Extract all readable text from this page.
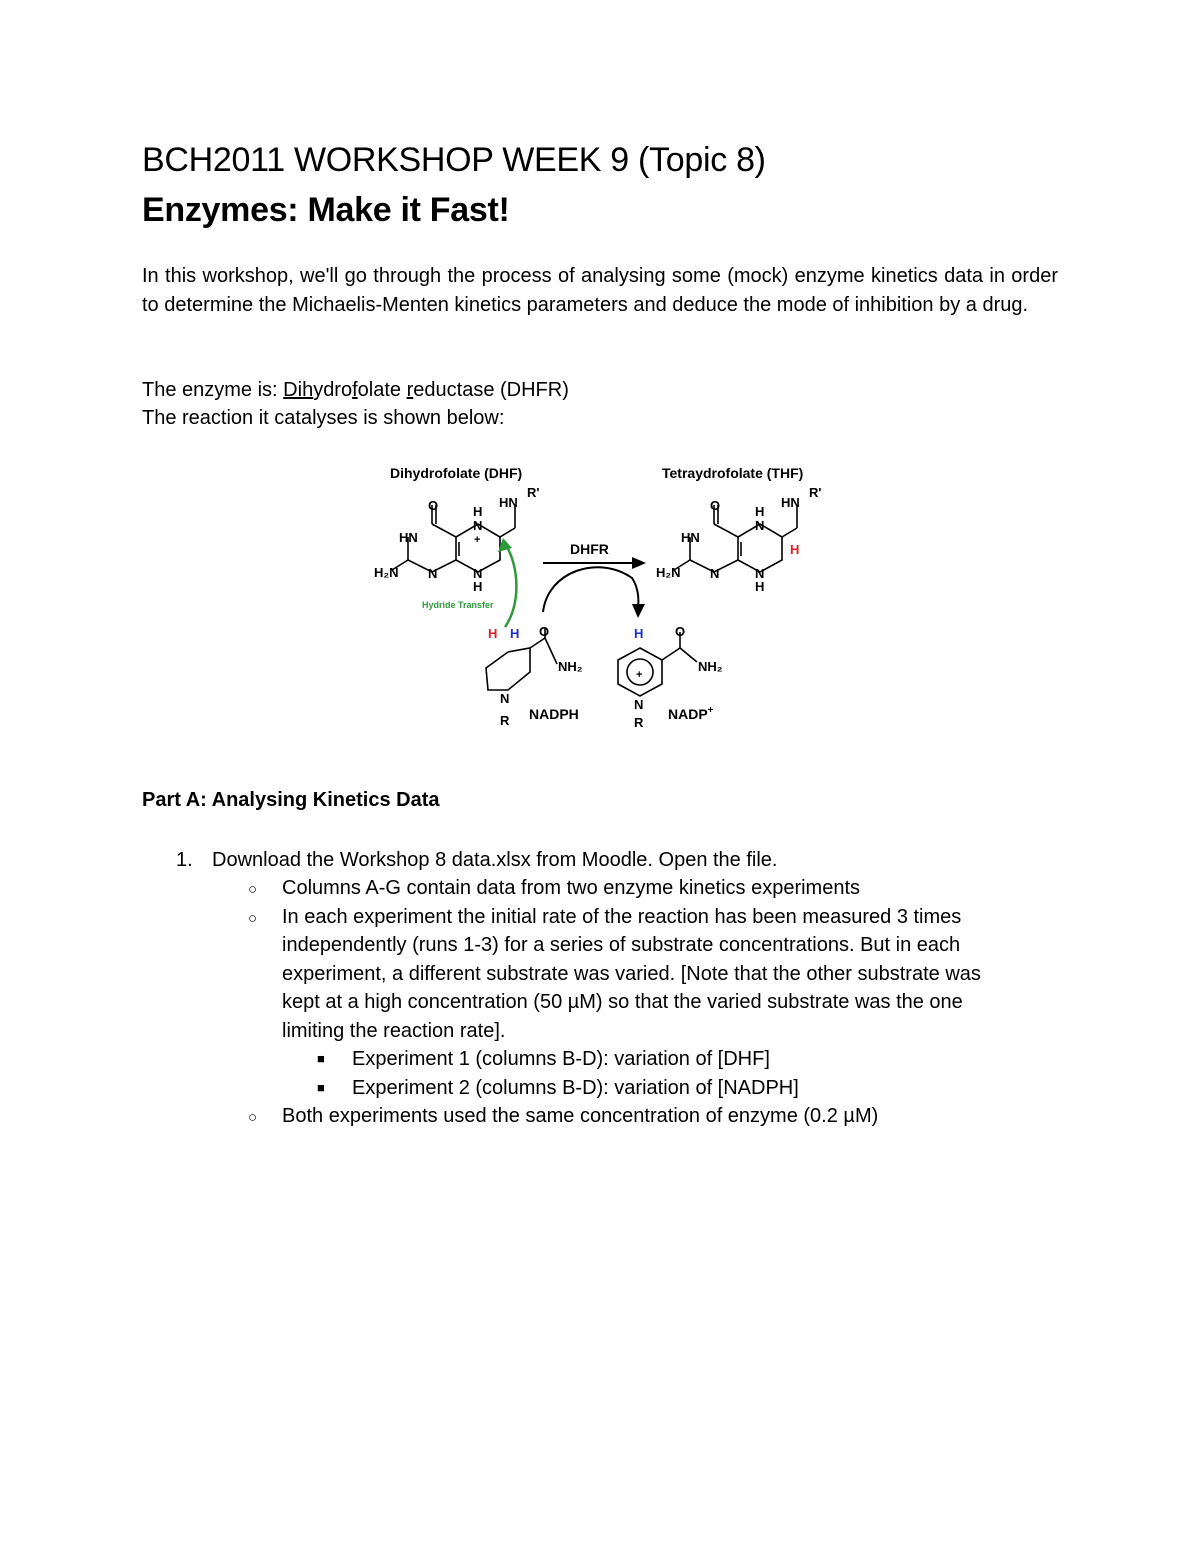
BCH2011 WORKSHOP WEEK 9 (Topic 8)
Enzymes: Make it Fast!
In this workshop, we'll go through the process of analysing some (mock) enzyme kinetics data in order to determine the Michaelis-Menten kinetics parameters and deduce the mode of inhibition by a drug.
The enzyme is: Dihydrofolate reductase (DHFR)
The reaction it catalyses is shown below:
Dihydrofolate (DHF)	Tetraydrofolate (THF)
DHFR
Hydride Transfer
NADPH	NADP+
O
HN
H₂N N	N
H
N
H
+
HN
R'
O
HN
H₂N N	N
H
N
H
HN
R'
H
H H O
NH₂
N
R
H O
NH₂
+
N
R
Part A: Analysing Kinetics Data
1. Download the Workshop 8 data.xlsx from Moodle. Open the file.
○ Columns A-G contain data from two enzyme kinetics experiments
○ In each experiment the initial rate of the reaction has been measured 3 times
independently (runs 1-3) for a series of substrate concentrations. But in each
experiment, a different substrate was varied. [Note that the other substrate was
kept at a high concentration (50 µM) so that the varied substrate was the one
limiting the reaction rate].
■ Experiment 1 (columns B-D): variation of [DHF]
■ Experiment 2 (columns B-D): variation of [NADPH]
○ Both experiments used the same concentration of enzyme (0.2 µM)
